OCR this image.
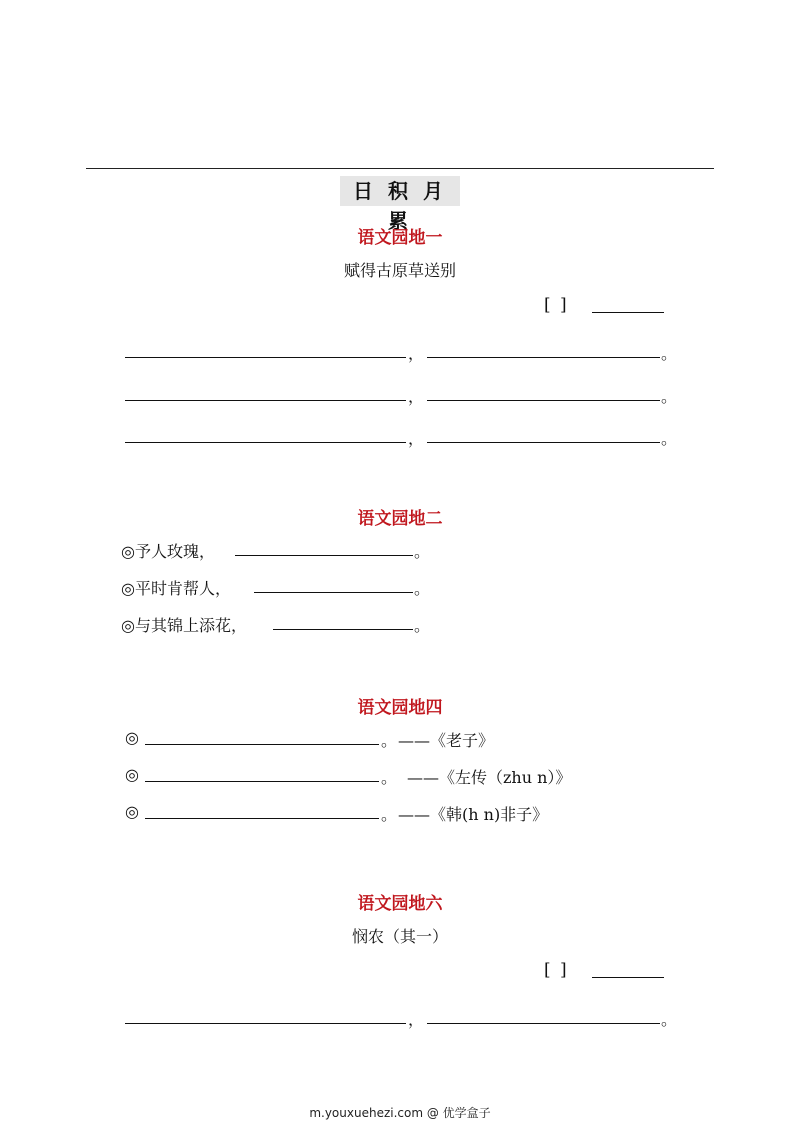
日 积 月 累
语文园地一
赋得古原草送别
[ ]
，	。
，	。
，	。
语文园地二
◎予人玫瑰，	。
◎平时肯帮人，	。
◎与其锦上添花，	。
语文园地四
◎	。 ——《老子》
◎	。 ——《左传（zhu n）》
◎	。 ——《韩(h n)非子》
语文园地六
悯农（其一）
[ ]
，	。
m.youxuehezi.com @ 优学盒子
